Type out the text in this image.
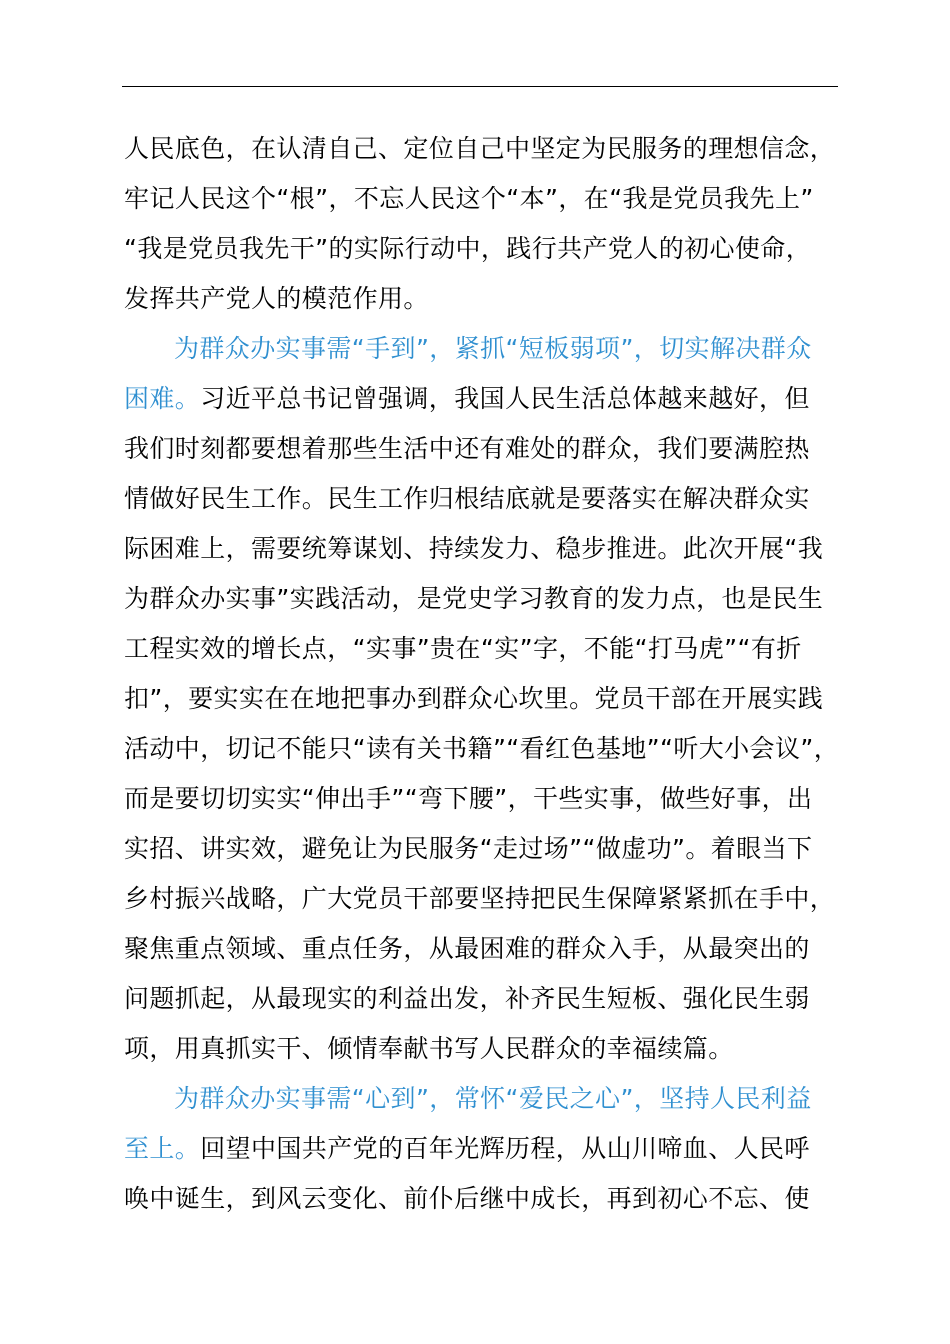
人民底色，在认清自己、定位自己中坚定为民服务的理想信念，
牢记人民这个“根”，不忘人民这个“本”，在“我是党员我先上”
“我是党员我先干”的实际行动中，践行共产党人的初心使命，
发挥共产党人的模范作用。
为群众办实事需“手到”，紧抓“短板弱项”，切实解决群众
困难。习近平总书记曾强调，我国人民生活总体越来越好，但
我们时刻都要想着那些生活中还有难处的群众，我们要满腔热
情做好民生工作。民生工作归根结底就是要落实在解决群众实
际困难上，需要统筹谋划、持续发力、稳步推进。此次开展“我
为群众办实事”实践活动，是党史学习教育的发力点，也是民生
工程实效的增长点，“实事”贵在“实”字，不能“打马虎”“有折
扣”，要实实在在地把事办到群众心坎里。党员干部在开展实践
活动中，切记不能只“读有关书籍”“看红色基地”“听大小会议”，
而是要切切实实“伸出手”“弯下腰”，干些实事，做些好事，出
实招、讲实效，避免让为民服务“走过场”“做虚功”。着眼当下
乡村振兴战略，广大党员干部要坚持把民生保障紧紧抓在手中，
聚焦重点领域、重点任务，从最困难的群众入手，从最突出的
问题抓起，从最现实的利益出发，补齐民生短板、强化民生弱
项，用真抓实干、倾情奉献书写人民群众的幸福续篇。
为群众办实事需“心到”，常怀“爱民之心”，坚持人民利益
至上。回望中国共产党的百年光辉历程，从山川啼血、人民呼
唤中诞生，到风云变化、前仆后继中成长，再到初心不忘、使
